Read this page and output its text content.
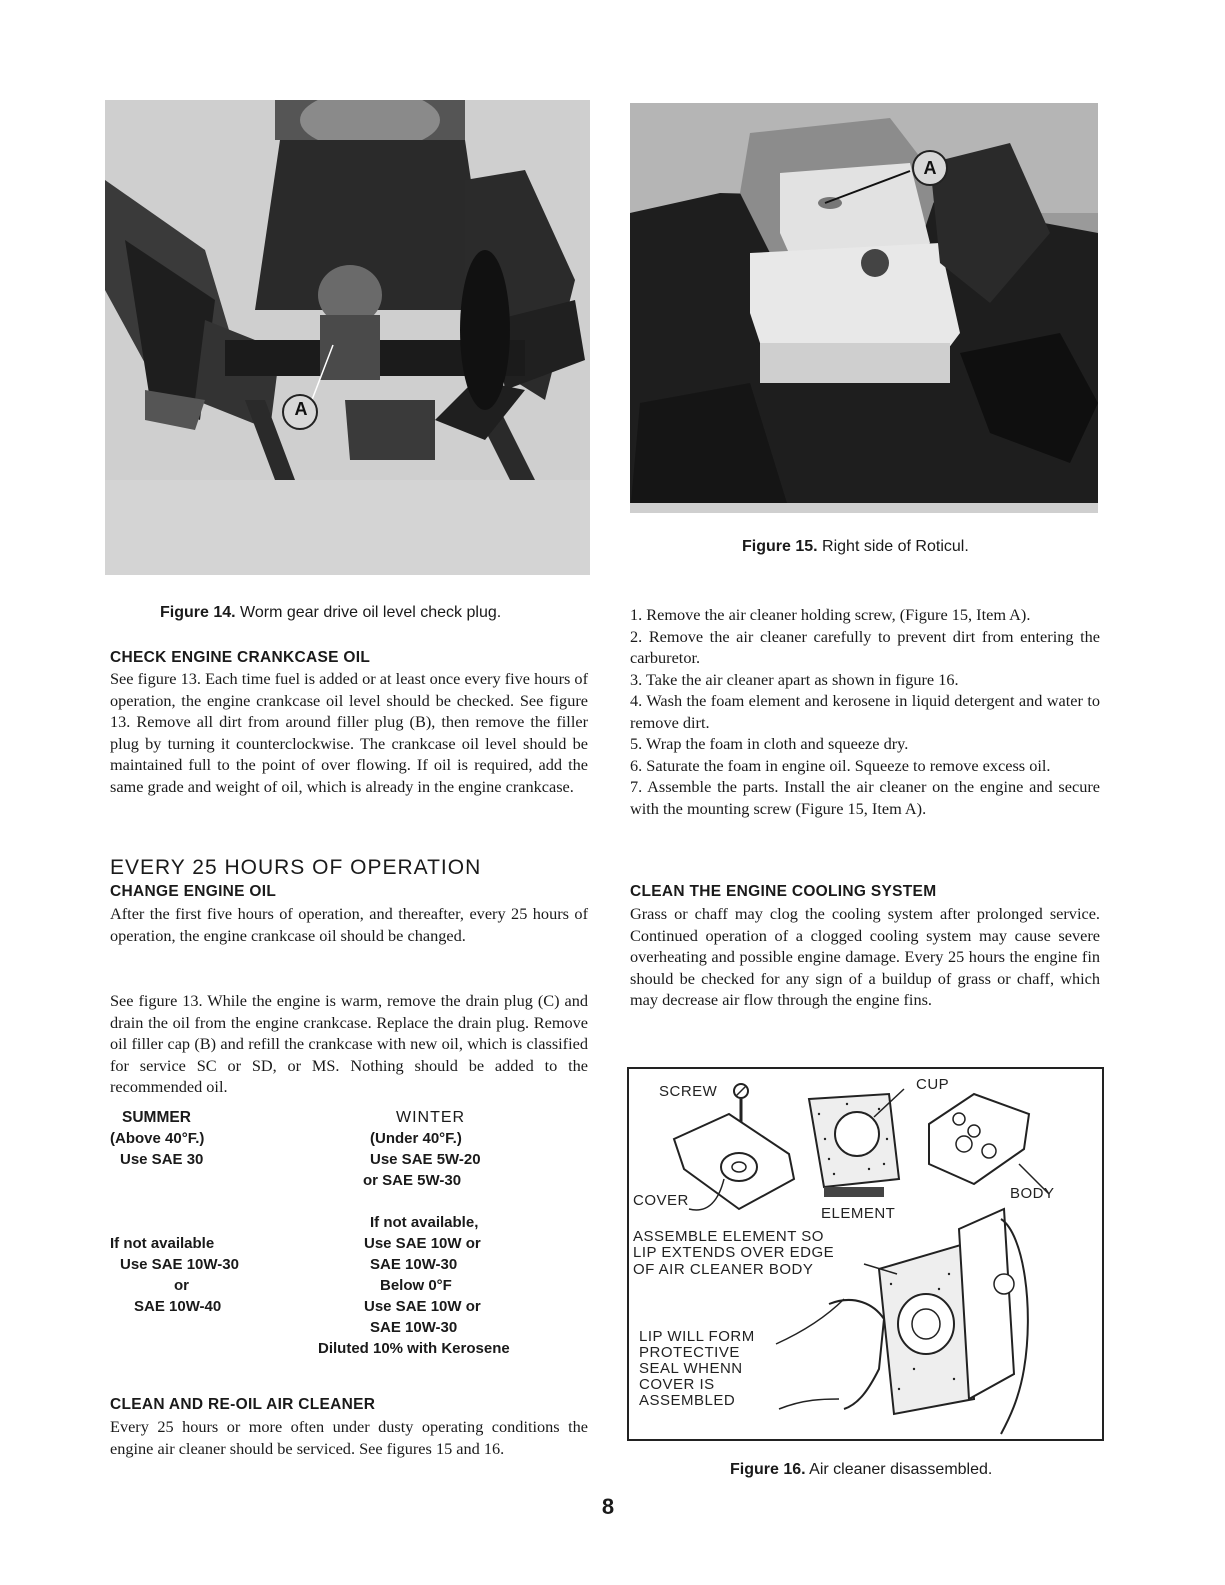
A
Figure 14. Worm gear drive oil level check plug.
A
Figure 15. Right side of Roticul.
CHECK ENGINE CRANKCASE OIL
See figure 13. Each time fuel is added or at least once every five hours of operation, the engine crankcase oil level should be checked. See figure 13. Remove all dirt from around filler plug (B), then remove the filler plug by turning it counterclockwise. The crankcase oil level should be maintained full to the point of over flowing. If oil is required, add the same grade and weight of oil, which is already in the engine crankcase.
EVERY 25 HOURS OF OPERATION
CHANGE ENGINE OIL
After the first five hours of operation, and thereafter, every 25 hours of operation, the engine crankcase oil should be changed.
See figure 13. While the engine is warm, remove the drain plug (C) and drain the oil from the engine crankcase. Replace the drain plug. Remove oil filler cap (B) and refill the crankcase with new oil, which is classified for service SC or SD, or MS. Nothing should be added to the recommended oil.
SUMMER
(Above 40°F.)
Use SAE 30
If not available
Use SAE 10W-30
or
SAE 10W-40
WINTER
(Under 40°F.)
Use SAE 5W-20
or SAE 5W-30
If not available,
Use SAE 10W or
SAE 10W-30
Below 0°F
Use SAE 10W or
SAE 10W-30
Diluted 10% with Kerosene
CLEAN AND RE-OIL AIR CLEANER
Every 25 hours or more often under dusty operating conditions the engine air cleaner should be serviced. See figures 15 and 16.
1. Remove the air cleaner holding screw, (Figure 15, Item A).
2. Remove the air cleaner carefully to prevent dirt from entering the carburetor.
3. Take the air cleaner apart as shown in figure 16.
4. Wash the foam element and kerosene in liquid detergent and water to remove dirt.
5. Wrap the foam in cloth and squeeze dry.
6. Saturate the foam in engine oil. Squeeze to remove excess oil.
7. Assemble the parts. Install the air cleaner on the engine and secure with the mounting screw (Figure 15, Item A).
CLEAN THE ENGINE COOLING SYSTEM
Grass or chaff may clog the cooling system after prolonged service. Continued operation of a clogged cooling system may cause severe overheating and possible engine damage. Every 25 hours the engine fin should be checked for any sign of a buildup of grass or chaff, which may decrease air flow through the engine fins.
SCREW	CUP
COVER
ELEMENT
BODY
ASSEMBLE ELEMENT SO
LIP EXTENDS OVER EDGE
OF AIR CLEANER BODY
LIP WILL FORM
PROTECTIVE
SEAL WHENN
COVER IS
ASSEMBLED
Figure 16. Air cleaner disassembled.
8
